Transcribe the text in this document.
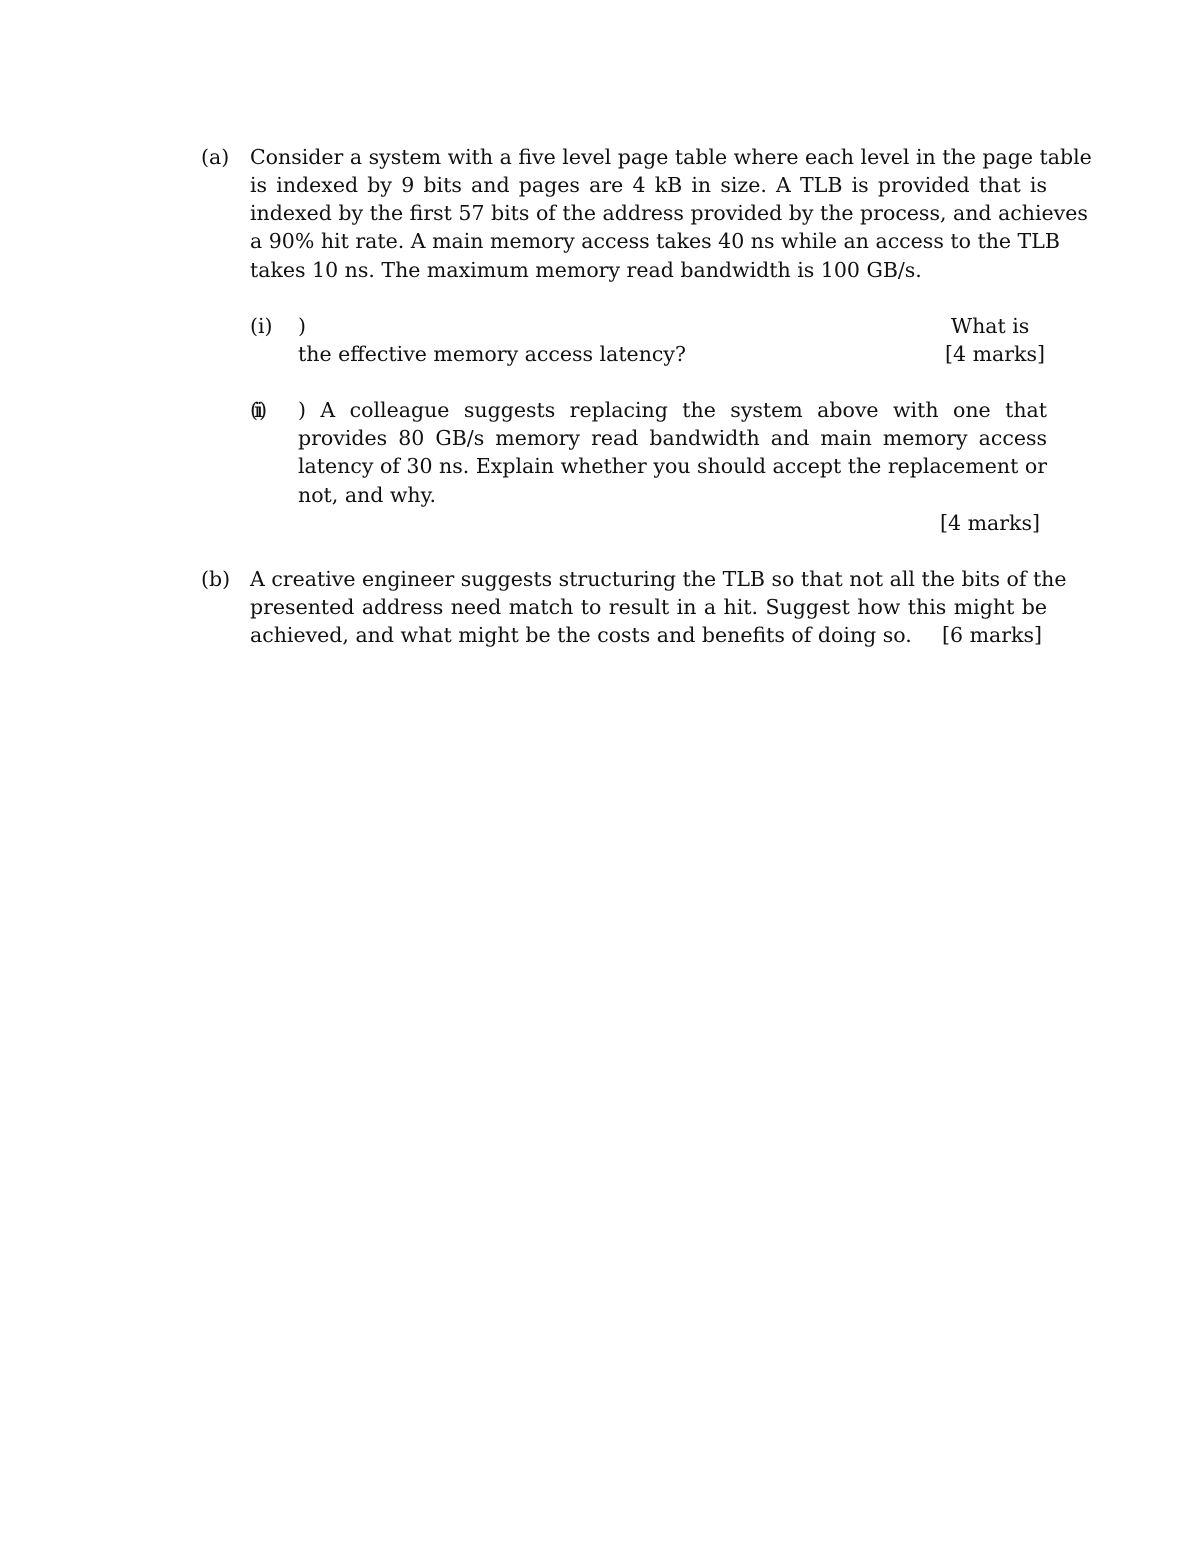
(a) Consider a system with a five level page table where each level in the page table
is indexed by 9 bits and pages are 4 kB in size. A TLB is provided that is
indexed by the first 57 bits of the address provided by the process, and achieves
a 90% hit rate. A main memory access takes 40 ns while an access to the TLB
takes 10 ns. The maximum memory read bandwidth is 100 GB/s.
(i) )	What is
the effective memory access latency?	[4 marks]
(ii) ) A colleague suggests replacing the system above with one that
provides 80 GB/s memory read bandwidth and main memory access
latency of 30 ns. Explain whether you should accept the replacement or
not, and why.
[4 marks]
(b) A creative engineer suggests structuring the TLB so that not all the bits of the
presented address need match to result in a hit. Suggest how this might be
achieved, and what might be the costs and benefits of doing so.	[6 marks]
